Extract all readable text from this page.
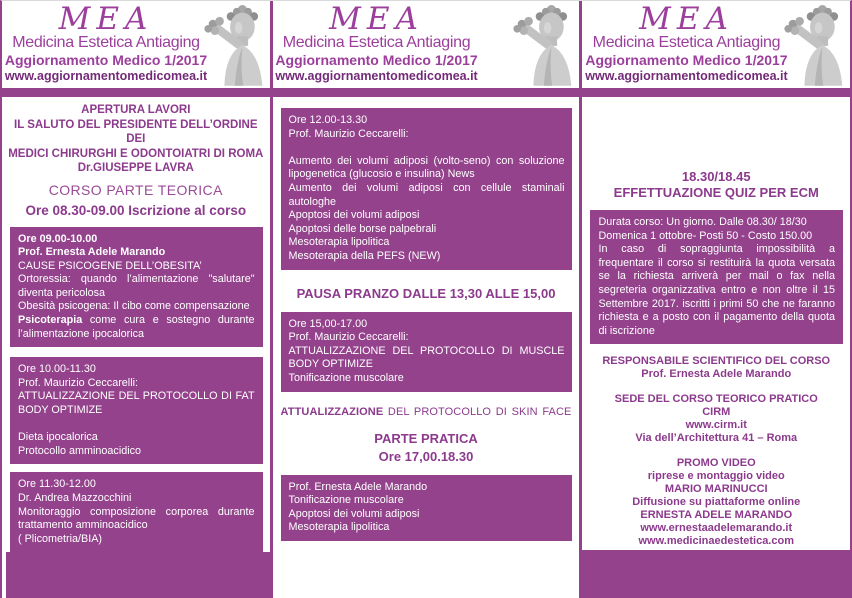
MEA
Medicina Estetica Antiaging
Aggiornamento Medico 1/2017
www.aggiornamentomedicomea.it
APERTURA LAVORI
IL SALUTO DEL PRESIDENTE DELL’ORDINE DEI
MEDICI CHIRURGHI E ODONTOIATRI DI ROMA
Dr.GIUSEPPE LAVRA
CORSO PARTE TEORICA
Ore 08.30-09.00 Iscrizione al corso
Ore 09.00-10.00
Prof. Ernesta Adele Marando
CAUSE PSICOGENE DELL’OBESITA’
Ortoressia: quando l’alimentazione "salutare" diventa pericolosa
Obesità psicogena: Il cibo come compensazione
Psicoterapia come cura e sostegno durante l’alimentazione ipocalorica
Ore 10.00-11.30
Prof. Maurizio Ceccarelli:
ATTUALIZZAZIONE DEL PROTOCOLLO DI FAT BODY OPTIMIZE
Dieta ipocalorica
Protocollo amminoacidico
Ore 11.30-12.00
Dr. Andrea Mazzocchini
Monitoraggio composizione corporea durante trattamento amminoacidico
( Plicometria/BIA)
MEA
Medicina Estetica Antiaging
Aggiornamento Medico 1/2017
www.aggiornamentomedicomea.it
Ore 12.00-13.30
Prof. Maurizio Ceccarelli:
Aumento dei volumi adiposi (volto-seno) con soluzione lipogenetica (glucosio e insulina) News
Aumento dei volumi adiposi con cellule staminali autologhe
Apoptosi dei volumi adiposi
Apoptosi delle borse palpebrali
Mesoterapia lipolitica
Mesoterapia della PEFS (NEW)
PAUSA PRANZO DALLE 13,30 ALLE 15,00
Ore 15,00-17.00
Prof. Maurizio Ceccarelli:
ATTUALIZZAZIONE DEL PROTOCOLLO DI MUSCLE BODY OPTIMIZE
Tonificazione muscolare
ATTUALIZZAZIONE DEL PROTOCOLLO DI SKIN FACE
PARTE PRATICA
Ore 17,00.18.30
Prof. Ernesta Adele Marando
Tonificazione muscolare
Apoptosi dei volumi adiposi
Mesoterapia lipolitica
MEA
Medicina Estetica Antiaging
Aggiornamento Medico 1/2017
www.aggiornamentomedicomea.it
18.30/18.45
EFFETTUAZIONE QUIZ PER ECM
Durata corso: Un giorno. Dalle 08.30/ 18/30
Domenica 1 ottobre- Posti 50 - Costo 150.00
In caso di sopraggiunta impossibilità a frequentare il corso si restituirà la quota versata se la richiesta arriverà per mail o fax nella segreteria organizzativa entro e non oltre il 15 Settembre 2017. iscritti i primi 50 che ne faranno richiesta e a posto con il pagamento della quota di iscrizione
RESPONSABILE SCIENTIFICO DEL CORSO
Prof. Ernesta Adele Marando
SEDE DEL CORSO TEORICO PRATICO
CIRM
www.cirm.it
Via dell’Architettura 41 – Roma
PROMO VIDEO
riprese e montaggio video
MARIO MARINUCCI
Diffusione su piattaforme online
ERNESTA ADELE MARANDO
www.ernestaadelemarando.it
www.medicinaedestetica.com
